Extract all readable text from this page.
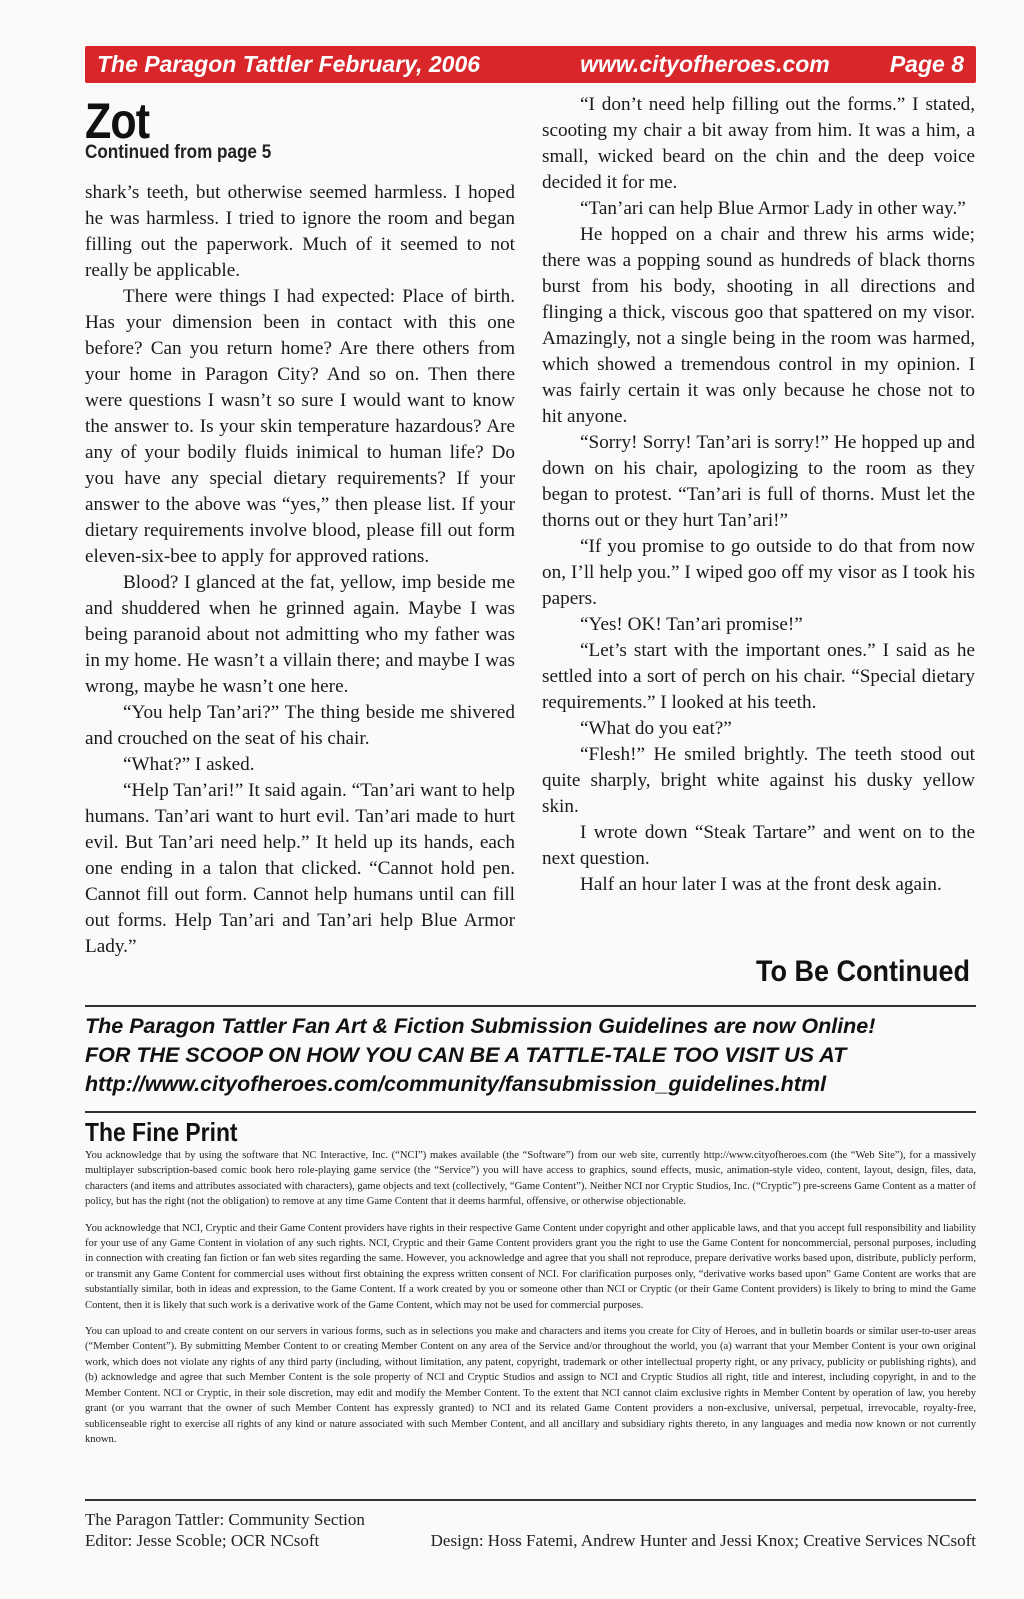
The Paragon Tattler February, 2006	www.cityofheroes.com	Page 8
Zot
Continued from page 5

shark’s teeth, but otherwise seemed harmless. I hoped he was harmless. I tried to ignore the room and began filling out the paperwork. Much of it seemed to not really be applicable.

There were things I had expected: Place of birth. Has your dimension been in contact with this one before? Can you return home? Are there others from your home in Paragon City? And so on. Then there were questions I wasn’t so sure I would want to know the answer to. Is your skin temperature hazardous? Are any of your bodily fluids inimical to human life? Do you have any special dietary requirements? If your answer to the above was “yes,” then please list. If your dietary requirements involve blood, please fill out form eleven-six-bee to apply for approved rations.

Blood? I glanced at the fat, yellow, imp beside me and shuddered when he grinned again. Maybe I was being paranoid about not admitting who my father was in my home. He wasn’t a villain there; and maybe I was wrong, maybe he wasn’t one here.

“You help Tan’ari?” The thing beside me shivered and crouched on the seat of his chair.

“What?” I asked.

“Help Tan’ari!” It said again. “Tan’ari want to help humans. Tan’ari want to hurt evil. Tan’ari made to hurt evil. But Tan’ari need help.” It held up its hands, each one ending in a talon that clicked. “Cannot hold pen. Cannot fill out form. Cannot help humans until can fill out forms. Help Tan’ari and Tan’ari help Blue Armor Lady.”

“I don’t need help filling out the forms.” I stated, scooting my chair a bit away from him. It was a him, a small, wicked beard on the chin and the deep voice decided it for me.

“Tan’ari can help Blue Armor Lady in other way.”

He hopped on a chair and threw his arms wide; there was a popping sound as hundreds of black thorns burst from his body, shooting in all directions and flinging a thick, viscous goo that spattered on my visor. Amazingly, not a single being in the room was harmed, which showed a tremendous control in my opinion. I was fairly certain it was only because he chose not to hit anyone.

“Sorry! Sorry! Tan’ari is sorry!” He hopped up and down on his chair, apologizing to the room as they began to protest. “Tan’ari is full of thorns. Must let the thorns out or they hurt Tan’ari!”

“If you promise to go outside to do that from now on, I’ll help you.” I wiped goo off my visor as I took his papers.

“Yes! OK! Tan’ari promise!”

“Let’s start with the important ones.” I said as he settled into a sort of perch on his chair. “Special dietary requirements.” I looked at his teeth.

“What do you eat?”

“Flesh!” He smiled brightly. The teeth stood out quite sharply, bright white against his dusky yellow skin.

I wrote down “Steak Tartare” and went on to the next question.

Half an hour later I was at the front desk again.

To Be Continued
The Paragon Tattler Fan Art & Fiction Submission Guidelines are now Online!
FOR THE SCOOP ON HOW YOU CAN BE A TATTLE-TALE TOO VISIT US AT
http://www.cityofheroes.com/community/fansubmission_guidelines.html
The Fine Print

You acknowledge that by using the software that NC Interactive, Inc. (“NCI”) makes available (the “Software”) from our web site, currently http://www.cityofheroes.com (the “Web Site”), for a massively multiplayer subscription-based comic book hero role-playing game service (the “Service”) you will have access to graphics, sound effects, music, animation-style video, content, layout, design, files, data, characters (and items and attributes associated with characters), game objects and text (collectively, “Game Content”). Neither NCI nor Cryptic Studios, Inc. (“Cryptic”) pre-screens Game Content as a matter of policy, but has the right (not the obligation) to remove at any time Game Content that it deems harmful, offensive, or otherwise objectionable.

You acknowledge that NCI, Cryptic and their Game Content providers have rights in their respective Game Content under copyright and other applicable laws, and that you accept full responsibility and liability for your use of any Game Content in violation of any such rights. NCI, Cryptic and their Game Content providers grant you the right to use the Game Content for noncommercial, personal purposes, including in connection with creating fan fiction or fan web sites regarding the same. However, you acknowledge and agree that you shall not reproduce, prepare derivative works based upon, distribute, publicly perform, or transmit any Game Content for commercial uses without first obtaining the express written consent of NCI. For clarification purposes only, “derivative works based upon” Game Content are works that are substantially similar, both in ideas and expression, to the Game Content. If a work created by you or someone other than NCI or Cryptic (or their Game Content providers) is likely to bring to mind the Game Content, then it is likely that such work is a derivative work of the Game Content, which may not be used for commercial purposes.

You can upload to and create content on our servers in various forms, such as in selections you make and characters and items you create for City of Heroes, and in bulletin boards or similar user-to-user areas (“Member Content”). By submitting Member Content to or creating Member Content on any area of the Service and/or throughout the world, you (a) warrant that your Member Content is your own original work, which does not violate any rights of any third party (including, without limitation, any patent, copyright, trademark or other intellectual property right, or any privacy, publicity or publishing rights), and (b) acknowledge and agree that such Member Content is the sole property of NCI and Cryptic Studios and assign to NCI and Cryptic Studios all right, title and interest, including copyright, in and to the Member Content. NCI or Cryptic, in their sole discretion, may edit and modify the Member Content. To the extent that NCI cannot claim exclusive rights in Member Content by operation of law, you hereby grant (or you warrant that the owner of such Member Content has expressly granted) to NCI and its related Game Content providers a non-exclusive, universal, perpetual, irrevocable, royalty-free, sublicenseable right to exercise all rights of any kind or nature associated with such Member Content, and all ancillary and subsidiary rights thereto, in any languages and media now known or not currently known.

The Paragon Tattler: Community Section
Editor: Jesse Scoble; OCR NCsoft	Design: Hoss Fatemi, Andrew Hunter and Jessi Knox; Creative Services NCsoft
